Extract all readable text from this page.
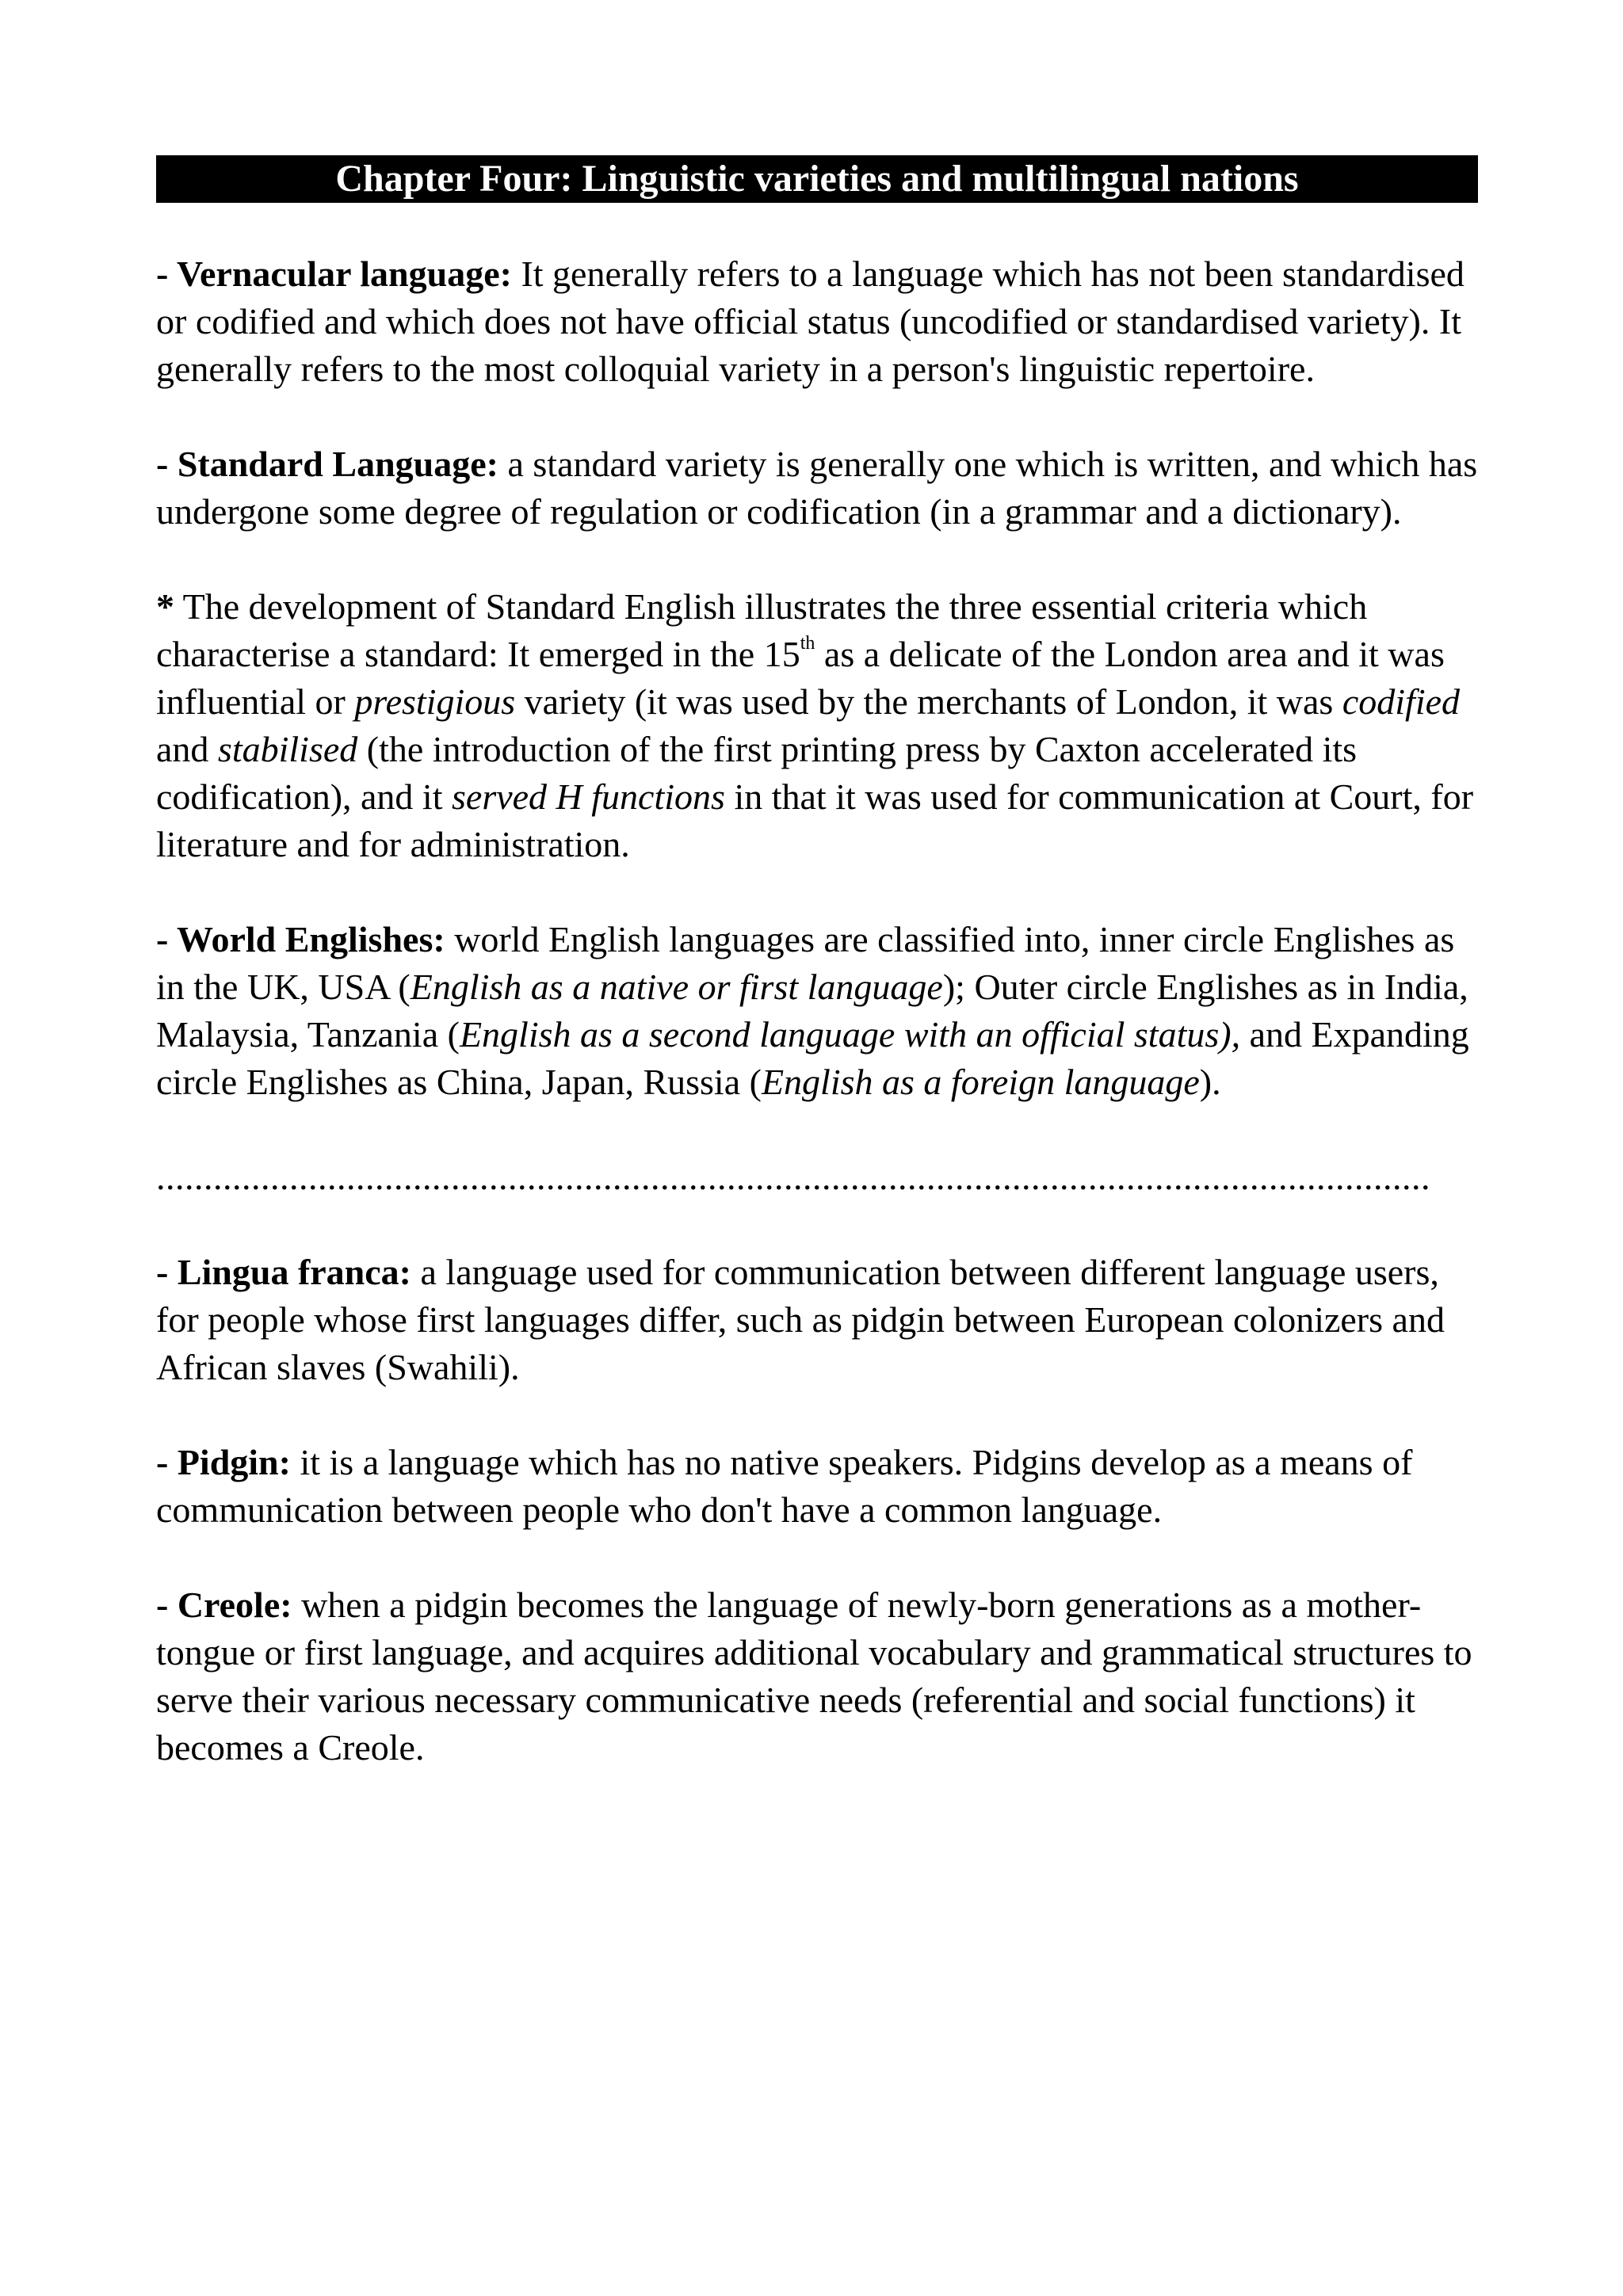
Chapter Four: Linguistic varieties and multilingual nations

- Vernacular language: It generally refers to a language which has not been standardised or codified and which does not have official status (uncodified or standardised variety). It generally refers to the most colloquial variety in a person's linguistic repertoire.

- Standard Language: a standard variety is generally one which is written, and which has undergone some degree of regulation or codification (in a grammar and a dictionary).

* The development of Standard English illustrates the three essential criteria which characterise a standard: It emerged in the 15th as a delicate of the London area and it was influential or prestigious variety (it was used by the merchants of London, it was codified and stabilised (the introduction of the first printing press by Caxton accelerated its codification), and it served H functions in that it was used for communication at Court, for literature and for administration.

- World Englishes: world English languages are classified into, inner circle Englishes as in the UK, USA (English as a native or first language); Outer circle Englishes as in India, Malaysia, Tanzania (English as a second language with an official status), and Expanding circle Englishes as China, Japan, Russia (English as a foreign language).

......................................................................................................................................

- Lingua franca: a language used for communication between different language users, for people whose first languages differ, such as pidgin between European colonizers and African slaves (Swahili).

- Pidgin: it is a language which has no native speakers. Pidgins develop as a means of communication between people who don't have a common language.

- Creole: when a pidgin becomes the language of newly-born generations as a mother-tongue or first language, and acquires additional vocabulary and grammatical structures to serve their various necessary communicative needs (referential and social functions) it becomes a Creole.
